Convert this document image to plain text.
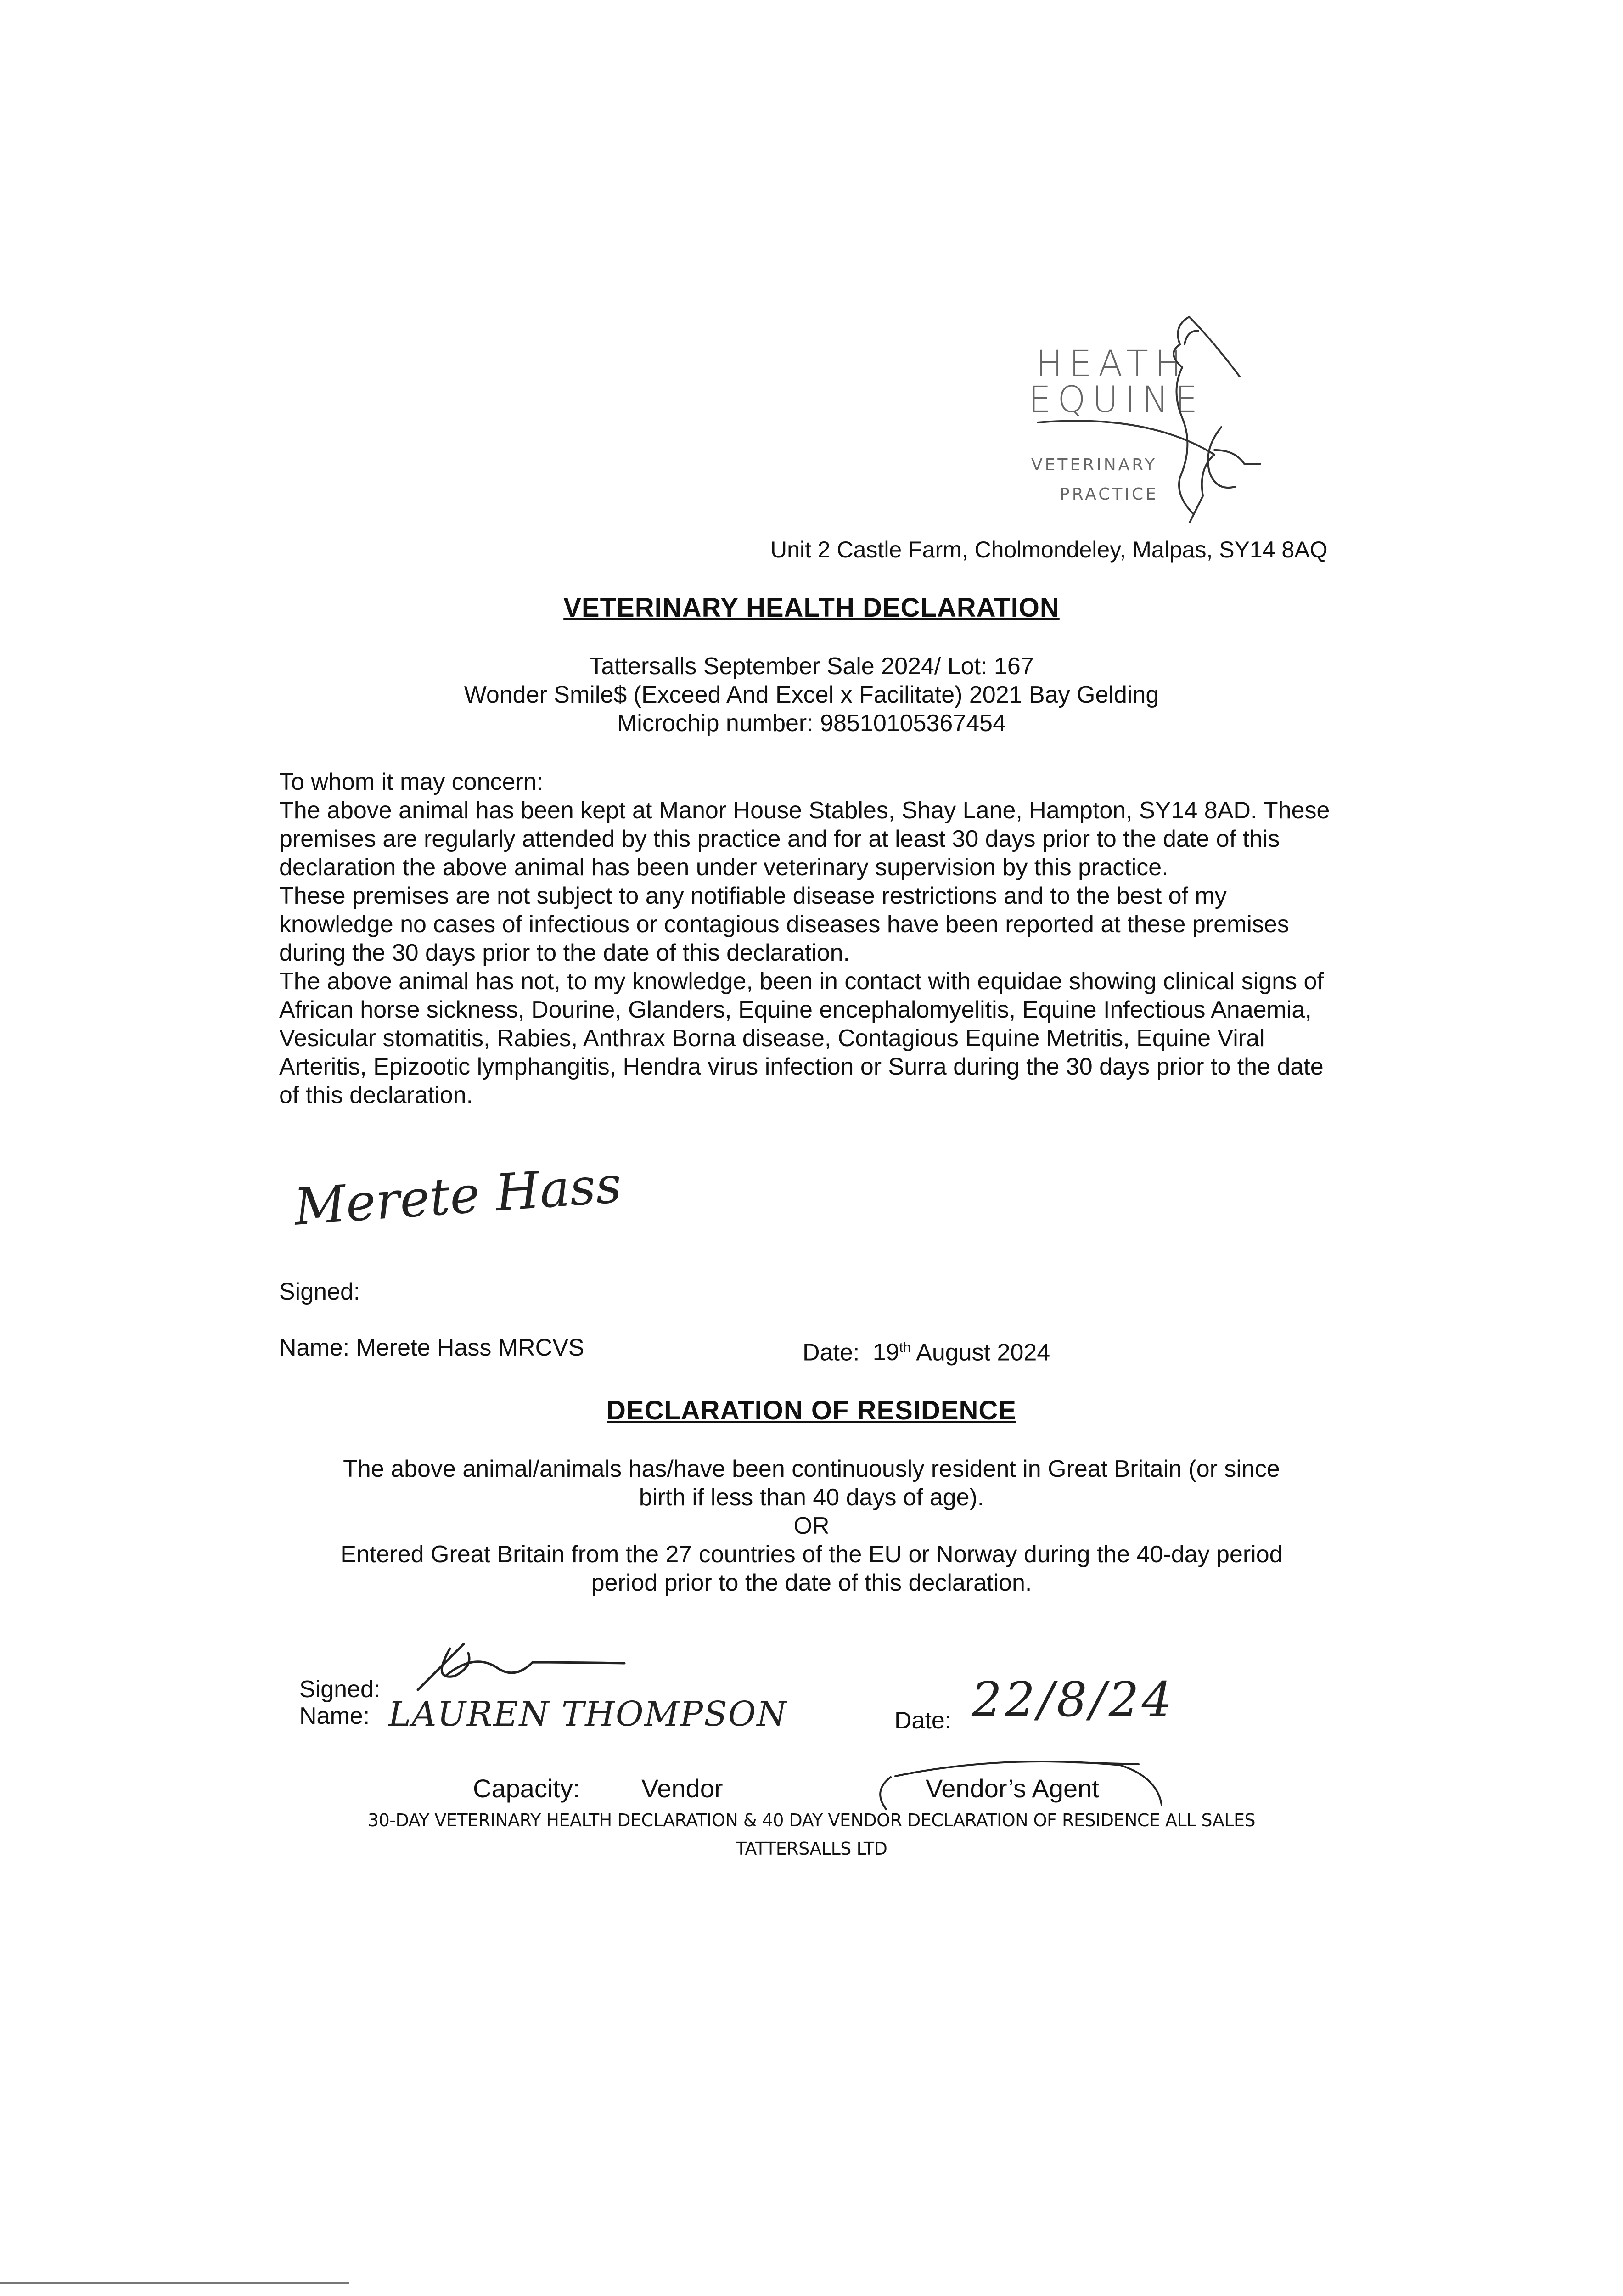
HEATH
EQUINE
VETERINARY
PRACTICE
Unit 2 Castle Farm, Cholmondeley, Malpas, SY14 8AQ
VETERINARY HEALTH DECLARATION
Tattersalls September Sale 2024/ Lot: 167
Wonder Smile$ (Exceed And Excel x Facilitate) 2021 Bay Gelding
Microchip number: 98510105367454

To whom it may concern:

The above animal has been kept at Manor House Stables, Shay Lane, Hampton, SY14 8AD. These premises are regularly attended by this practice and for at least 30 days prior to the date of this declaration the above animal has been under veterinary supervision by this practice.

These premises are not subject to any notifiable disease restrictions and to the best of my knowledge no cases of infectious or contagious diseases have been reported at these premises during the 30 days prior to the date of this declaration.

The above animal has not, to my knowledge, been in contact with equidae showing clinical signs of African horse sickness, Dourine, Glanders, Equine encephalomyelitis, Equine Infectious Anaemia, Vesicular stomatitis, Rabies, Anthrax Borna disease, Contagious Equine Metritis, Equine Viral Arteritis, Epizootic lymphangitis, Hendra virus infection or Surra during the 30 days prior to the date of this declaration.

Merete Hass
Signed:
Name: Merete Hass MRCVS	Date: 19th August 2024
DECLARATION OF RESIDENCE
The above animal/animals has/have been continuously resident in Great Britain (or since
birth if less than 40 days of age).
OR
Entered Great Britain from the 27 countries of the EU or Norway during the 40-day period
period prior to the date of this declaration.
Signed:
Name: LAUREN THOMPSON	Date: 22/8/24
Capacity: Vendor	Vendor’s Agent
30-DAY VETERINARY HEALTH DECLARATION & 40 DAY VENDOR DECLARATION OF RESIDENCE ALL SALES
TATTERSALLS LTD
